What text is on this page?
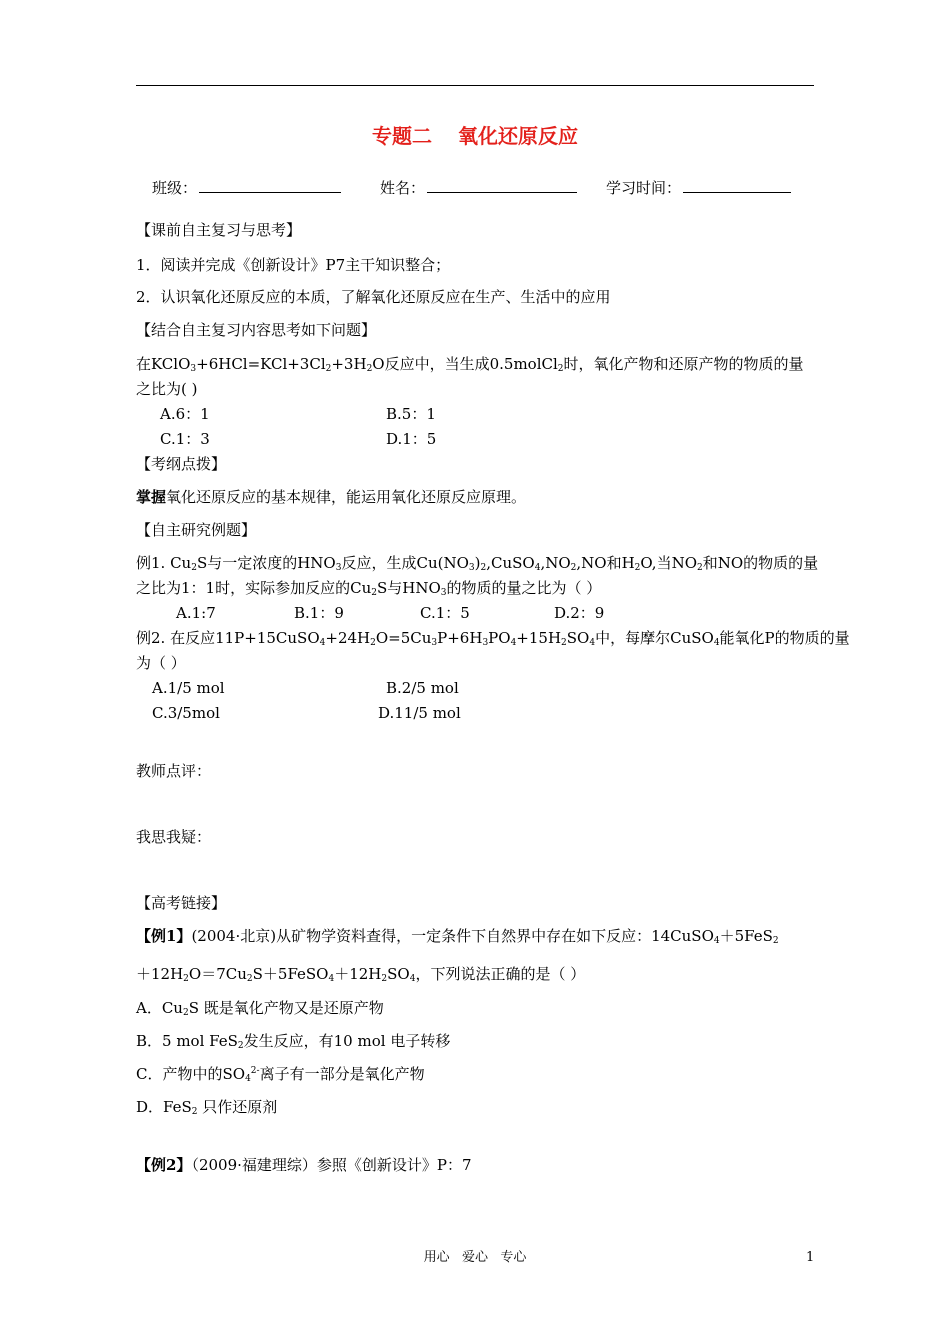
专题二 氧化还原反应
班级：	姓名：	学习时间：
【课前自主复习与思考】
1．阅读并完成《创新设计》P7主干知识整合；
2．认识氧化还原反应的本质，了解氧化还原反应在生产、生活中的应用
【结合自主复习内容思考如下问题】
在$KClO_3+6HCl=KCl+3Cl_2+3H_2O$反应中，当生成0.5molCl$_2$时，氧化产物和还原产物的物质的量
之比为( )
A.6：1	B.5：1
C.1：3	D.1：5
【考纲点拨】
掌握氧化还原反应的基本规律，能运用氧化还原反应原理。
【自主研究例题】
例1. $Cu_2S$与一定浓度的$HNO_3$反应，生成$Cu(NO_3)_2,CuSO_4,NO_2,NO$和$H_2O$,当$NO_2$和NO的物质的量
之比为1：1时，实际参加反应的$Cu_2S$与$HNO_3$的物质的量之比为（ ）
A.1:7	B.1：9	C.1：5	D.2：9
例2. 在反应$11P+15CuSO_4+24H_2O=5Cu_3P+6H_3PO_4+15H_2SO_4$中，每摩尔CuSO$_4$能氧化P的物质的量
为（ ）
A.1/5 mol	B.2/5 mol
C.3/5mol	D.11/5 mol
教师点评：
我思我疑：
【高考链接】
【例1】(2004·北京)从矿物学资料查得，一定条件下自然界中存在如下反应：14CuSO$_4$＋5FeS$_2$
$+12H_2O=7Cu_2S+5FeSO_4+12H_2SO_4$，下列说法正确的是（ ）
A．$Cu_2S$ 既是氧化产物又是还原产物
B．5 mol FeS$_2$发生反应，有10 mol 电子转移
C．产物中的$SO_4^{2-}$离子有一部分是氧化产物
D．FeS$_2$ 只作还原剂
【例2】（2009·福建理综）参照《创新设计》P：7
用心   爱心   专心	1
